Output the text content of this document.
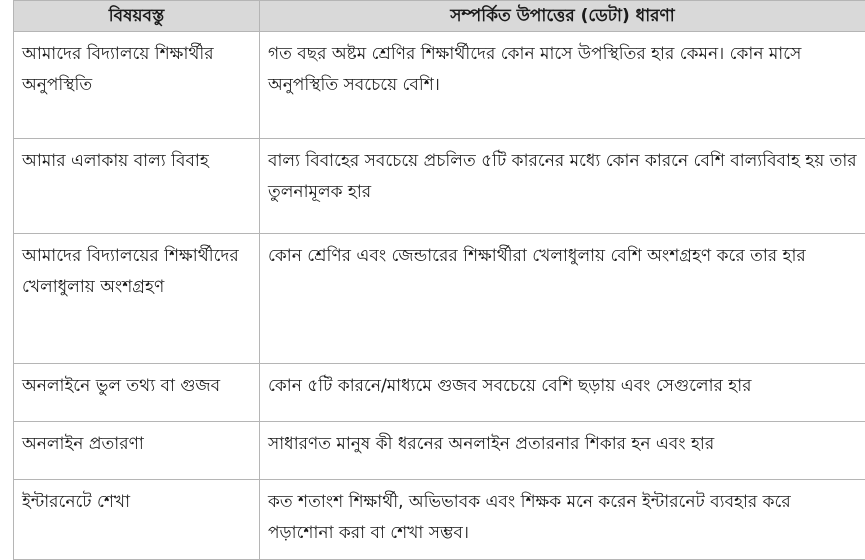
বিষয়বস্তু	সম্পর্কিত উপাত্তের (ডেটা) ধারণা
আমাদের বিদ্যালয়ে শিক্ষার্থীর অনুপস্থিতি	গত বছর অষ্টম শ্রেণির শিক্ষার্থীদের কোন মাসে উপস্থিতির হার কেমন। কোন মাসে অনুপস্থিতি সবচেয়ে বেশি।
আমার এলাকায় বাল্য বিবাহ	বাল্য বিবাহের সবচেয়ে প্রচলিত ৫টি কারনের মধ্যে কোন কারনে বেশি বাল্যবিবাহ হয় তার তুলনামূলক হার
আমাদের বিদ্যালয়ের শিক্ষার্থীদের খেলাধুলায় অংশগ্রহণ	কোন শ্রেণির এবং জেন্ডারের শিক্ষার্থীরা খেলাধুলায় বেশি অংশগ্রহণ করে তার হার
অনলাইনে ভুল তথ্য বা গুজব	কোন ৫টি কারনে/মাধ্যমে গুজব সবচেয়ে বেশি ছড়ায় এবং সেগুলোর হার
অনলাইন প্রতারণা	সাধারণত মানুষ কী ধরনের অনলাইন প্রতারনার শিকার হন এবং হার
ইন্টারনেটে শেখা	কত শতাংশ শিক্ষার্থী, অভিভাবক এবং শিক্ষক মনে করেন ইন্টারনেট ব্যবহার করে পড়াশোনা করা বা শেখা সম্ভব।
